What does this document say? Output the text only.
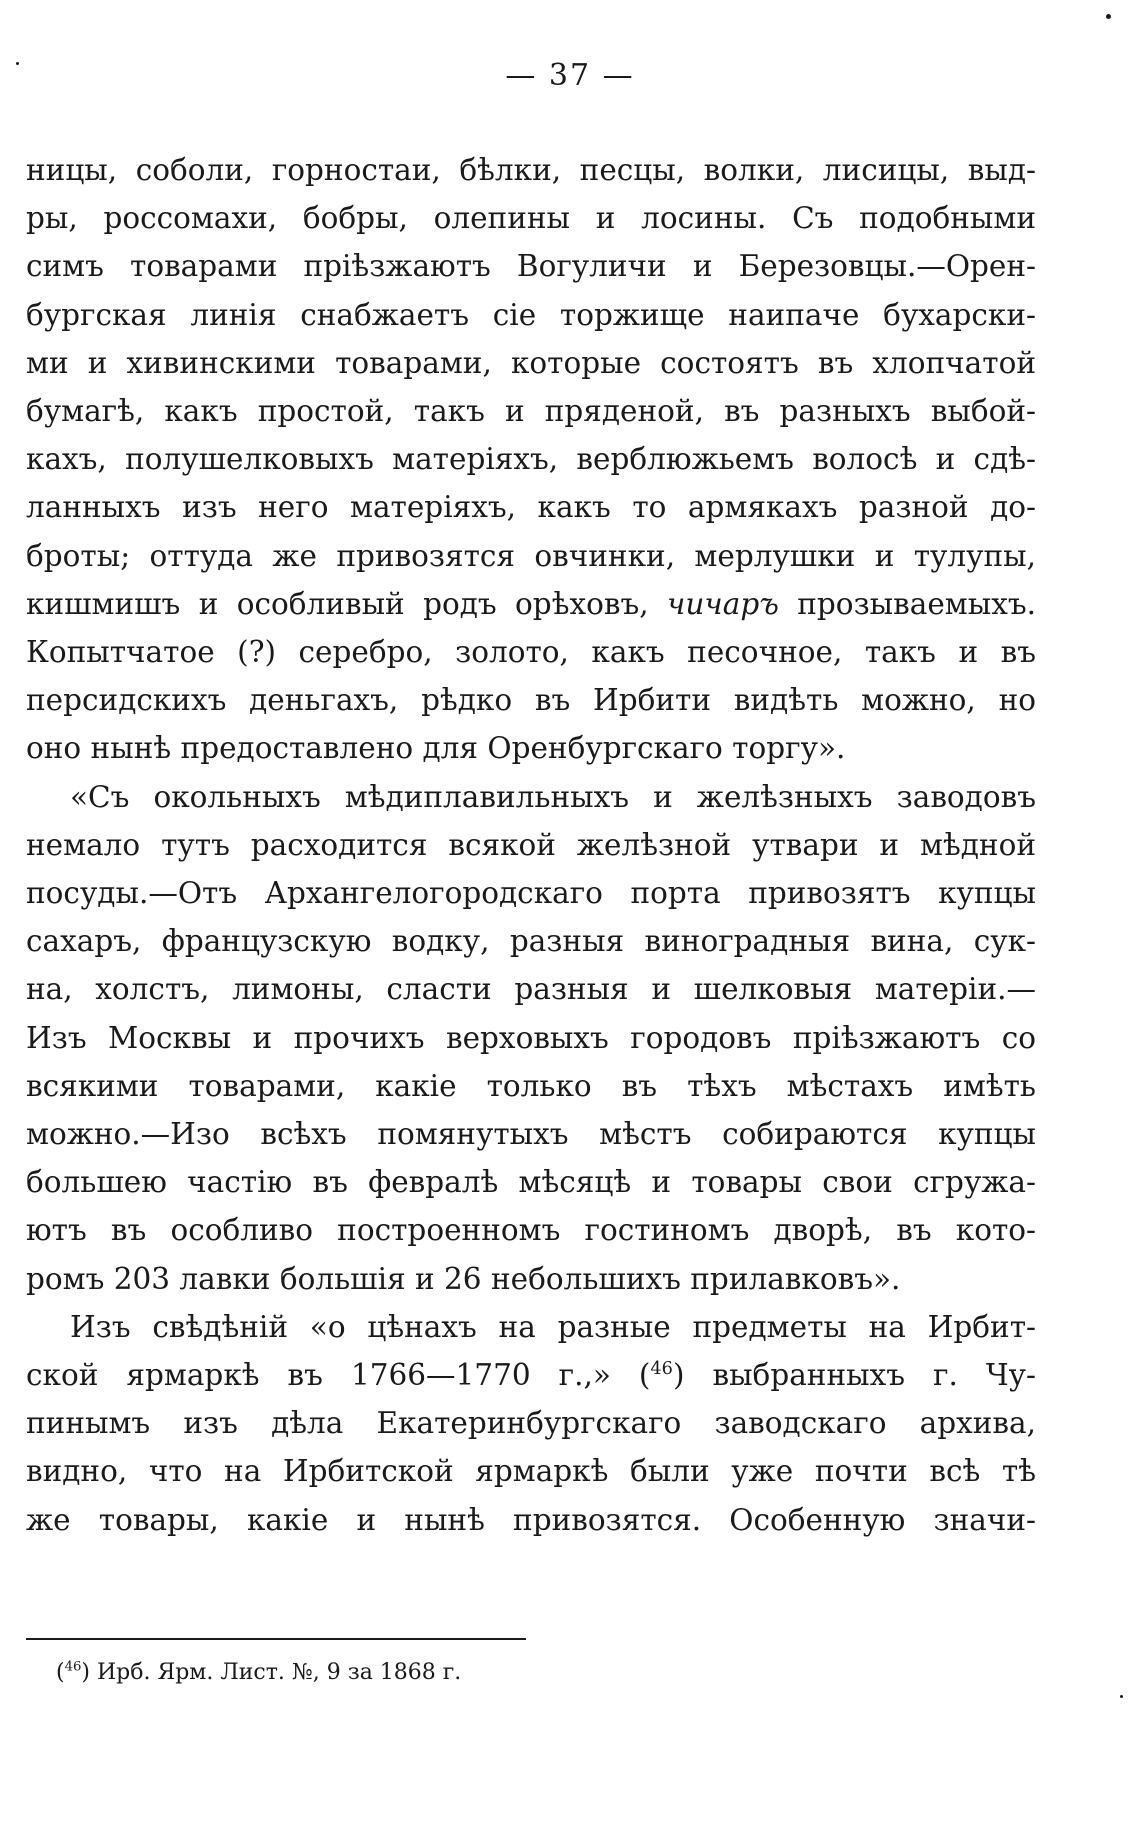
— 37 —
ницы, соболи, горностаи, бѣлки, песцы, волки, лисицы, выд-
ры, россомахи, бобры, олепины и лосины. Съ подобными
симъ товарами пріѣзжаютъ Вогуличи и Березовцы.—Орен-
бургская линія снабжаетъ сіе торжище наипаче бухарски-
ми и хивинскими товарами, которые состоятъ въ хлопчатой
бумагѣ, какъ простой, такъ и пряденой, въ разныхъ выбой-
кахъ, полушелковыхъ матеріяхъ, верблюжьемъ волосѣ и сдѣ-
ланныхъ изъ него матеріяхъ, какъ то армякахъ разной до-
броты; оттуда же привозятся овчинки, мерлушки и тулупы,
кишмишъ и особливый родъ орѣховъ, чичаръ прозываемыхъ.
Копытчатое (?) серебро, золото, какъ песочное, такъ и въ
персидскихъ деньгахъ, рѣдко въ Ирбити видѣть можно, но
оно нынѣ предоставлено для Оренбургскаго торгу».
«Съ окольныхъ мѣдиплавильныхъ и желѣзныхъ заводовъ
немало тутъ расходится всякой желѣзной утвари и мѣдной
посуды.—Отъ Архангелогородскаго порта привозятъ купцы
сахаръ, французскую водку, разныя виноградныя вина, сук-
на, холстъ, лимоны, сласти разныя и шелковыя матеріи.—
Изъ Москвы и прочихъ верховыхъ городовъ пріѣзжаютъ со
всякими товарами, какіе только въ тѣхъ мѣстахъ имѣть
можно.—Изо всѣхъ помянутыхъ мѣстъ собираются купцы
большею частію въ февралѣ мѣсяцѣ и товары свои сгружа-
ютъ въ особливо построенномъ гостиномъ дворѣ, въ кото-
ромъ 203 лавки большія и 26 небольшихъ прилавковъ».
Изъ свѣдѣній «о цѣнахъ на разные предметы на Ирбит-
ской ярмаркѣ въ 1766—1770 г.,» ($^{46}$) выбранныхъ г. Чу-
пинымъ изъ дѣла Екатеринбургскаго заводскаго архива,
видно, что на Ирбитской ярмаркѣ были уже почти всѣ тѣ
же товары, какіе и нынѣ привозятся. Особенную значи-
($^{46}$) Ирб. Ярм. Лист. №, 9 за 1868 г.
